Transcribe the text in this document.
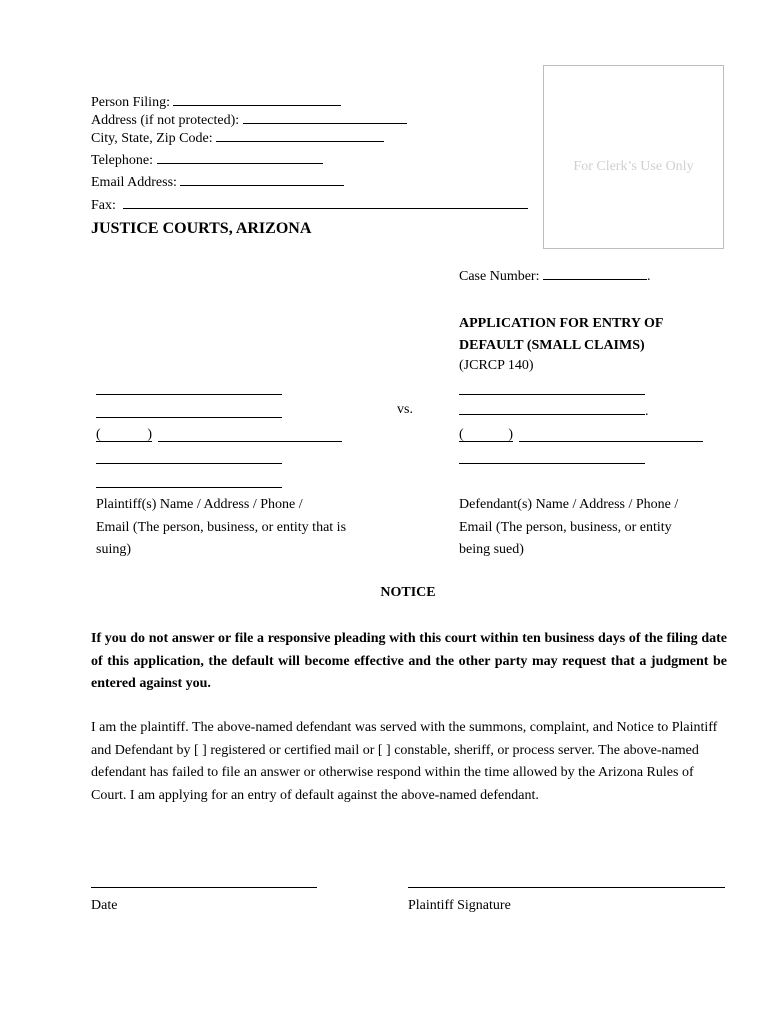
Person Filing:
Address (if not protected):
City, State, Zip Code:
Telephone:
Email Address:
Fax:
JUSTICE COURTS, ARIZONA
For Clerk’s Use Only
Case Number:	.
APPLICATION FOR ENTRY OF
DEFAULT (SMALL CLAIMS)
(JCRCP 140)
(	)

vs.	.
(	)

Plaintiff(s) Name / Address / Phone /
Email (The person, business, or entity that is
suing)
Defendant(s) Name / Address / Phone /
Email (The person, business, or entity
being sued)
NOTICE
If you do not answer or file a responsive pleading with this court within ten business days of the filing date of this application, the default will become effective and the other party may request that a judgment be entered against you.
I am the plaintiff. The above-named defendant was served with the summons, complaint, and Notice to Plaintiff and Defendant by [ ] registered or certified mail or [ ] constable, sheriff, or process server. The above-named defendant has failed to file an answer or otherwise respond within the time allowed by the Arizona Rules of Court. I am applying for an entry of default against the above-named defendant.
Date	Plaintiff Signature
